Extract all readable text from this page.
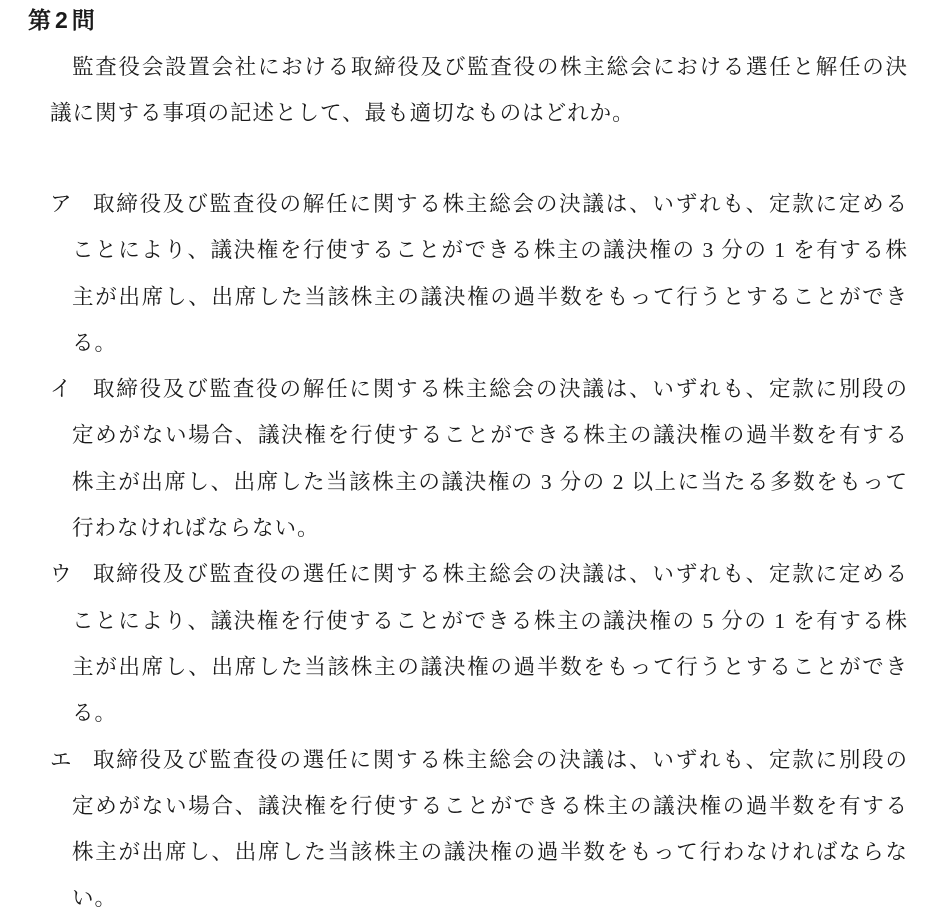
第2問
監査役会設置会社における取締役及び監査役の株主総会における選任と解任の決
議に関する事項の記述として、最も適切なものはどれか。
ア 取締役及び監査役の解任に関する株主総会の決議は、いずれも、定款に定める
ことにより、議決権を行使することができる株主の議決権の 3 分の 1 を有する株
主が出席し、出席した当該株主の議決権の過半数をもって行うとすることができ
る。
イ 取締役及び監査役の解任に関する株主総会の決議は、いずれも、定款に別段の
定めがない場合、議決権を行使することができる株主の議決権の過半数を有する
株主が出席し、出席した当該株主の議決権の 3 分の 2 以上に当たる多数をもって
行わなければならない。
ウ 取締役及び監査役の選任に関する株主総会の決議は、いずれも、定款に定める
ことにより、議決権を行使することができる株主の議決権の 5 分の 1 を有する株
主が出席し、出席した当該株主の議決権の過半数をもって行うとすることができ
る。
エ 取締役及び監査役の選任に関する株主総会の決議は、いずれも、定款に別段の
定めがない場合、議決権を行使することができる株主の議決権の過半数を有する
株主が出席し、出席した当該株主の議決権の過半数をもって行わなければならな
い。
